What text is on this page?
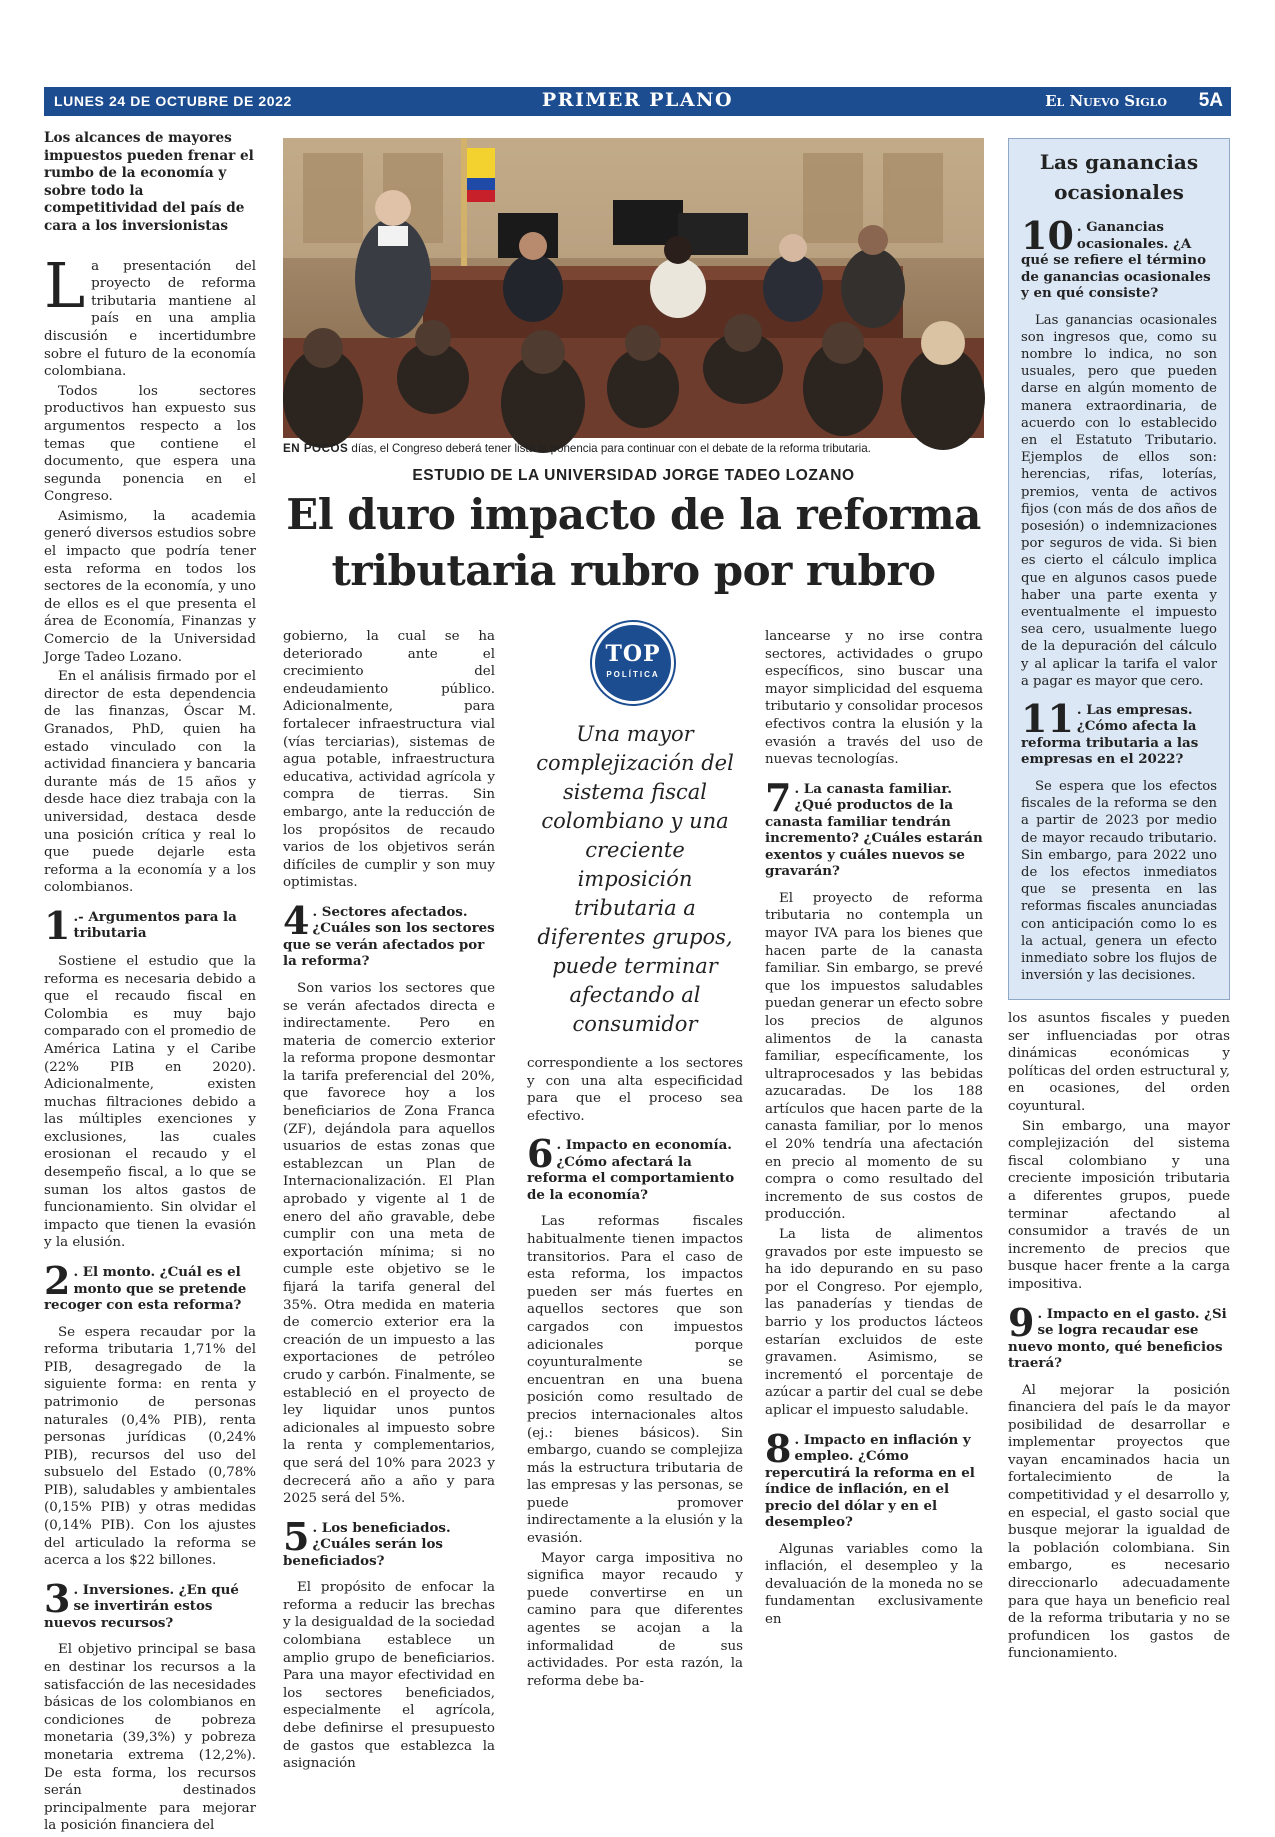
LUNES 24 DE OCTUBRE DE 2022	PRIMER PLANO	El Nuevo Siglo 5A
Los alcances de mayores impuestos pueden frenar el rumbo de la economía y sobre todo la competitividad del país de cara a los inversionistas

La presentación del proyecto de reforma tributaria mantiene al país en una amplia discusión e incertidumbre sobre el futuro de la economía colombiana.

Todos los sectores productivos han expuesto sus argumentos respecto a los temas que contiene el documento, que espera una segunda ponencia en el Congreso.

Asimismo, la academia generó diversos estudios sobre el impacto que podría tener esta reforma en todos los sectores de la economía, y uno de ellos es el que presenta el área de Economía, Finanzas y Comercio de la Universidad Jorge Tadeo Lozano.

En el análisis firmado por el director de esta dependencia de las finanzas, Óscar M. Granados, PhD, quien ha estado vinculado con la actividad financiera y bancaria durante más de 15 años y desde hace diez trabaja con la universidad, destaca desde una posición crítica y real lo que puede dejarle esta reforma a la economía y a los colombianos.

1 .- Argumentos para la tributaria

Sostiene el estudio que la reforma es necesaria debido a que el recaudo fiscal en Colombia es muy bajo comparado con el promedio de América Latina y el Caribe (22% PIB en 2020). Adicionalmente, existen muchas filtraciones debido a las múltiples exenciones y exclusiones, las cuales erosionan el recaudo y el desempeño fiscal, a lo que se suman los altos gastos de funcionamiento. Sin olvidar el impacto que tienen la evasión y la elusión.

2 . El monto. ¿Cuál es el monto que se pretende recoger con esta reforma?

Se espera recaudar por la reforma tributaria 1,71% del PIB, desagregado de la siguiente forma: en renta y patrimonio de personas naturales (0,4% PIB), renta personas jurídicas (0,24% PIB), recursos del uso del subsuelo del Estado (0,78% PIB), saludables y ambientales (0,15% PIB) y otras medidas (0,14% PIB). Con los ajustes del articulado la reforma se acerca a los $22 billones.

3 . Inversiones. ¿En qué se invertirán estos nuevos recursos?

El objetivo principal se basa en destinar los recursos a la satisfacción de las necesidades básicas de los colombianos en condiciones de pobreza monetaria (39,3%) y pobreza monetaria extrema (12,2%). De esta forma, los recursos serán destinados principalmente para mejorar la posición financiera del

EN POCOS días, el Congreso deberá tener lista la ponencia para continuar con el debate de la reforma tributaria.
ESTUDIO DE LA UNIVERSIDAD JORGE TADEO LOZANO
El duro impacto de la reforma tributaria rubro por rubro

gobierno, la cual se ha deteriorado ante el crecimiento del endeudamiento público. Adicionalmente, para fortalecer infraestructura vial (vías terciarias), sistemas de agua potable, infraestructura educativa, actividad agrícola y compra de tierras. Sin embargo, ante la reducción de los propósitos de recaudo varios de los objetivos serán difíciles de cumplir y son muy optimistas.

4 . Sectores afectados. ¿Cuáles son los sectores que se verán afectados por la reforma?

Son varios los sectores que se verán afectados directa e indirectamente. Pero en materia de comercio exterior la reforma propone desmontar la tarifa preferencial del 20%, que favorece hoy a los beneficiarios de Zona Franca (ZF), dejándola para aquellos usuarios de estas zonas que establezcan un Plan de Internacionalización. El Plan aprobado y vigente al 1 de enero del año gravable, debe cumplir con una meta de exportación mínima; si no cumple este objetivo se le fijará la tarifa general del 35%. Otra medida en materia de comercio exterior era la creación de un impuesto a las exportaciones de petróleo crudo y carbón. Finalmente, se estableció en el proyecto de ley liquidar unos puntos adicionales al impuesto sobre la renta y complementarios, que será del 10% para 2023 y decrecerá año a año y para 2025 será del 5%.

5 . Los beneficiados. ¿Cuáles serán los beneficiados?

El propósito de enfocar la reforma a reducir las brechas y la desigualdad de la sociedad colombiana establece un amplio grupo de beneficiarios. Para una mayor efectividad en los sectores beneficiados, especialmente el agrícola, debe definirse el presupuesto de gastos que establezca la asignación

TOP
POLÍTICA
Una mayor complejización del sistema fiscal colombiano y una creciente imposición tributaria a diferentes grupos, puede terminar afectando al consumidor

correspondiente a los sectores y con una alta especificidad para que el proceso sea efectivo.

6 . Impacto en economía. ¿Cómo afectará la reforma el comportamiento de la economía?

Las reformas fiscales habitualmente tienen impactos transitorios. Para el caso de esta reforma, los impactos pueden ser más fuertes en aquellos sectores que son cargados con impuestos adicionales porque coyunturalmente se encuentran en una buena posición como resultado de precios internacionales altos (ej.: bienes básicos). Sin embargo, cuando se complejiza más la estructura tributaria de las empresas y las personas, se puede promover indirectamente a la elusión y la evasión.

Mayor carga impositiva no significa mayor recaudo y puede convertirse en un camino para que diferentes agentes se acojan a la informalidad de sus actividades. Por esta razón, la reforma debe ba-

lancearse y no irse contra sectores, actividades o grupo específicos, sino buscar una mayor simplicidad del esquema tributario y consolidar procesos efectivos contra la elusión y la evasión a través del uso de nuevas tecnologías.

7 . La canasta familiar. ¿Qué productos de la canasta familiar tendrán incremento? ¿Cuáles estarán exentos y cuáles nuevos se gravarán?

El proyecto de reforma tributaria no contempla un mayor IVA para los bienes que hacen parte de la canasta familiar. Sin embargo, se prevé que los impuestos saludables puedan generar un efecto sobre los precios de algunos alimentos de la canasta familiar, específicamente, los ultraprocesados y las bebidas azucaradas. De los 188 artículos que hacen parte de la canasta familiar, por lo menos el 20% tendría una afectación en precio al momento de su compra o como resultado del incremento de sus costos de producción.

La lista de alimentos gravados por este impuesto se ha ido depurando en su paso por el Congreso. Por ejemplo, las panaderías y tiendas de barrio y los productos lácteos estarían excluidos de este gravamen. Asimismo, se incrementó el porcentaje de azúcar a partir del cual se debe aplicar el impuesto saludable.

8 . Impacto en inflación y empleo. ¿Cómo repercutirá la reforma en el índice de inflación, en el precio del dólar y en el desempleo?

Algunas variables como la inflación, el desempleo y la devaluación de la moneda no se fundamentan exclusivamente en

Las ganancias ocasionales
10 . Ganancias ocasionales. ¿A qué se refiere el término de ganancias ocasionales y en qué consiste?

Las ganancias ocasionales son ingresos que, como su nombre lo indica, no son usuales, pero que pueden darse en algún momento de manera extraordinaria, de acuerdo con lo establecido en el Estatuto Tributario. Ejemplos de ellos son: herencias, rifas, loterías, premios, venta de activos fijos (con más de dos años de posesión) o indemnizaciones por seguros de vida. Si bien es cierto el cálculo implica que en algunos casos puede haber una parte exenta y eventualmente el impuesto sea cero, usualmente luego de la depuración del cálculo y al aplicar la tarifa el valor a pagar es mayor que cero.

11 . Las empresas. ¿Cómo afecta la reforma tributaria a las empresas en el 2022?

Se espera que los efectos fiscales de la reforma se den a partir de 2023 por medio de mayor recaudo tributario. Sin embargo, para 2022 uno de los efectos inmediatos que se presenta en las reformas fiscales anunciadas con anticipación como lo es la actual, genera un efecto inmediato sobre los flujos de inversión y las decisiones.

los asuntos fiscales y pueden ser influenciadas por otras dinámicas económicas y políticas del orden estructural y, en ocasiones, del orden coyuntural.

Sin embargo, una mayor complejización del sistema fiscal colombiano y una creciente imposición tributaria a diferentes grupos, puede terminar afectando al consumidor a través de un incremento de precios que busque hacer frente a la carga impositiva.

9 . Impacto en el gasto. ¿Si se logra recaudar ese nuevo monto, qué beneficios traerá?

Al mejorar la posición financiera del país le da mayor posibilidad de desarrollar e implementar proyectos que vayan encaminados hacia un fortalecimiento de la competitividad y el desarrollo y, en especial, el gasto social que busque mejorar la igualdad de la población colombiana. Sin embargo, es necesario direccionarlo adecuadamente para que haya un beneficio real de la reforma tributaria y no se profundicen los gastos de funcionamiento.
